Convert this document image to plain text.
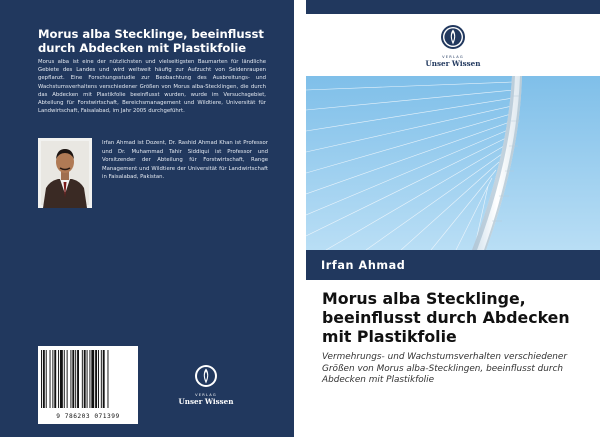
Morus alba Stecklinge, beeinflusst durch Abdecken mit Plastikfolie
Morus alba ist eine der nützlichsten und vielseitigsten Baumarten für ländliche Gebiete des Landes und wird weltweit häufig zur Aufzucht von Seidenraupen gepflanzt. Eine Forschungsstudie zur Beobachtung des Ausbreitungs- und Wachstumsverhaltens verschiedener Größen von Morus alba-Stecklingen, die durch das Abdecken mit Plastikfolie beeinflusst wurden, wurde im Versuchsgebiet, Abteilung für Forstwirtschaft, Bereichsmanagement und Wildtiere, Universität für Landwirtschaft, Faisalabad, im Jahr 2005 durchgeführt.
Irfan Ahmad ist Dozent, Dr. Rashid Ahmad Khan ist Professor und Dr. Muhammad Tahir Siddiqui ist Professor und Vorsitzender der Abteilung für Forstwirtschaft, Range Management und Wildtiere der Universität für Landwirtschaft in Faisalabad, Pakistan.
9 786203 071399
VERLAG
Unser Wissen
VERLAG
Unser Wissen
Irfan Ahmad
Morus alba Stecklinge, beeinflusst durch Abdecken mit Plastikfolie
Vermehrungs- und Wachstumsverhalten verschiedener Größen von Morus alba-Stecklingen, beeinflusst durch Abdecken mit Plastikfolie
